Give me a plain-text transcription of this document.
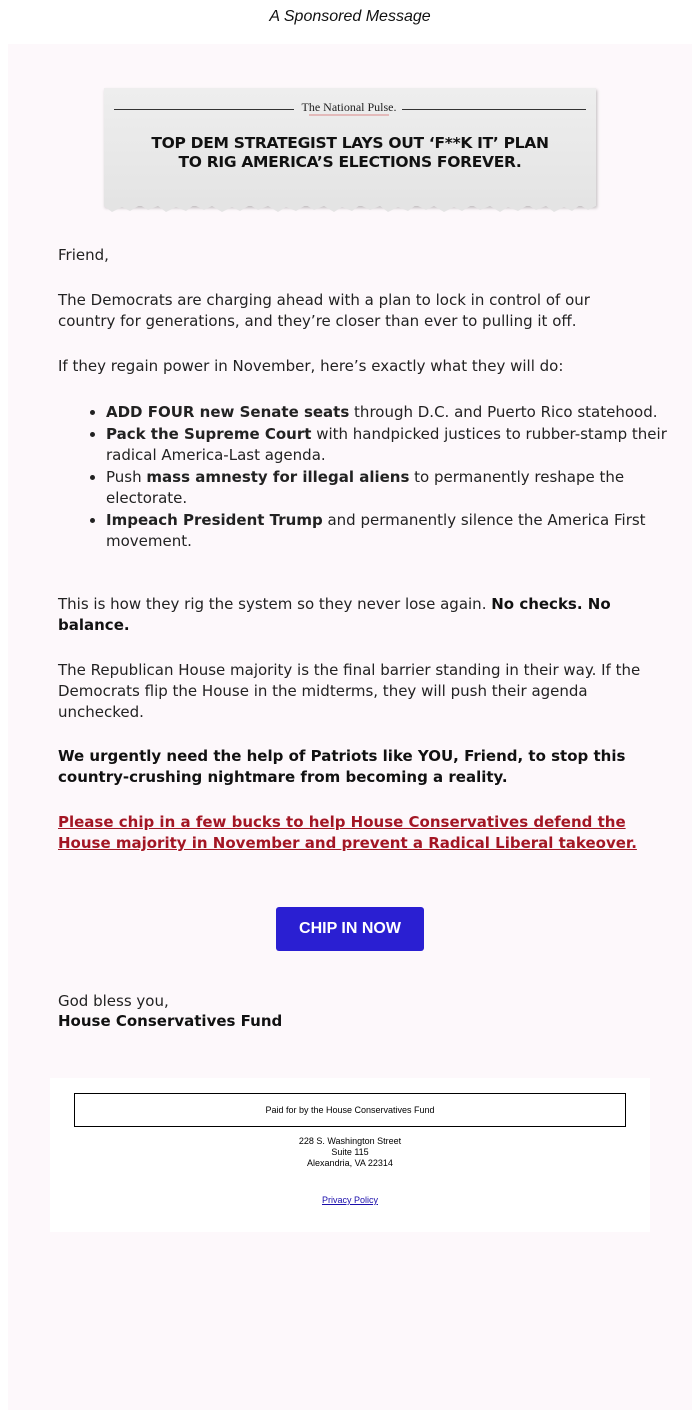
A Sponsored Message
The National Pulse.
TOP DEM STRATEGIST LAYS OUT ‘F**K IT’ PLAN
TO RIG AMERICA’S ELECTIONS FOREVER.
Friend,
The Democrats are charging ahead with a plan to lock in control of our country for generations, and they’re closer than ever to pulling it off.
If they regain power in November, here’s exactly what they will do:
• ADD FOUR new Senate seats through D.C. and Puerto Rico statehood.
• Pack the Supreme Court with handpicked justices to rubber-stamp their radical America-Last agenda.
• Push mass amnesty for illegal aliens to permanently reshape the electorate.
• Impeach President Trump and permanently silence the America First movement.
This is how they rig the system so they never lose again. No checks. No balance.
The Republican House majority is the final barrier standing in their way. If the Democrats flip the House in the midterms, they will push their agenda unchecked.
We urgently need the help of Patriots like YOU, Friend, to stop this country-crushing nightmare from becoming a reality.
Please chip in a few bucks to help House Conservatives defend the House majority in November and prevent a Radical Liberal takeover.
CHIP IN NOW
God bless you,
House Conservatives Fund
Paid for by the House Conservatives Fund
228 S. Washington Street
Suite 115
Alexandria, VA 22314
Privacy Policy
